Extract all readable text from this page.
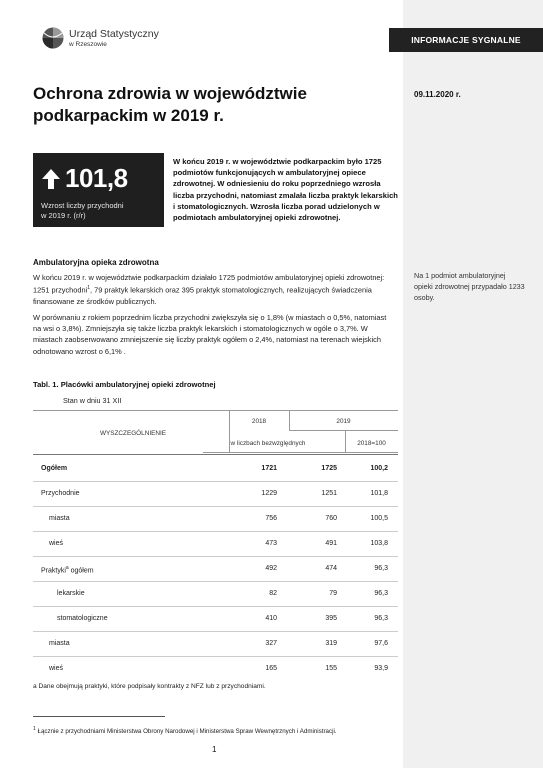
INFORMACJE SYGNALNE
Urząd Statystyczny
w Rzeszowie
Ochrona zdrowia w województwie podkarpackim w 2019 r.
09.11.2020 r.
101,8
Wzrost liczby przychodni
w 2019 r. (r/r)
W końcu 2019 r. w województwie podkarpackim było 1725 podmiotów funkcjonujących w ambulatoryjnej opiece zdrowotnej. W odniesieniu do roku poprzedniego wzrosła liczba przychodni, natomiast zmalała liczba praktyk lekarskich i stomatologicznych. Wzrosła liczba porad udzielonych w podmiotach ambulatoryjnej opieki zdrowotnej.
Ambulatoryjna opieka zdrowotna

W końcu 2019 r. w województwie podkarpackim działało 1725 podmiotów ambulatoryjnej opieki zdrowotnej: 1251 przychodni$^1$, 79 praktyk lekarskich oraz 395 praktyk stomatologicznych, realizujących świadczenia finansowane ze środków publicznych.

W porównaniu z rokiem poprzednim liczba przychodni zwiększyła się o 1,8% (w miastach o 0,5%, natomiast na wsi o 3,8%). Zmniejszyła się także liczba praktyk lekarskich i stomatologicznych w ogóle o 3,7%. W miastach zaobserwowano zmniejszenie się liczby praktyk ogółem o 2,4%, natomiast na terenach wiejskich odnotowano wzrost o 6,1% .

Na 1 podmiot ambulatoryjnej opieki zdrowotnej przypadało 1233 osoby.
Tabl. 1. Placówki ambulatoryjnej opieki zdrowotnej
Stan w dniu 31 XII
WYSZCZEGÓLNIENIE
2018	2019
w liczbach bezwzględnych	2018=100
Ogółem	1721	1725	100,2
Przychodnie	1229	1251	101,8
miasta	756	760	100,5
wieś	473	491	103,8
Praktyki$^a$ ogółem	492	474	96,3
lekarskie	82	79	96,3
stomatologiczne	410	395	96,3
miasta	327	319	97,6
wieś	165	155	93,9
a Dane obejmują praktyki, które podpisały kontrakty z NFZ lub z przychodniami.
$^1$ Łącznie z przychodniami Ministerstwa Obrony Narodowej i Ministerstwa Spraw Wewnętrznych i Administracji.
1
